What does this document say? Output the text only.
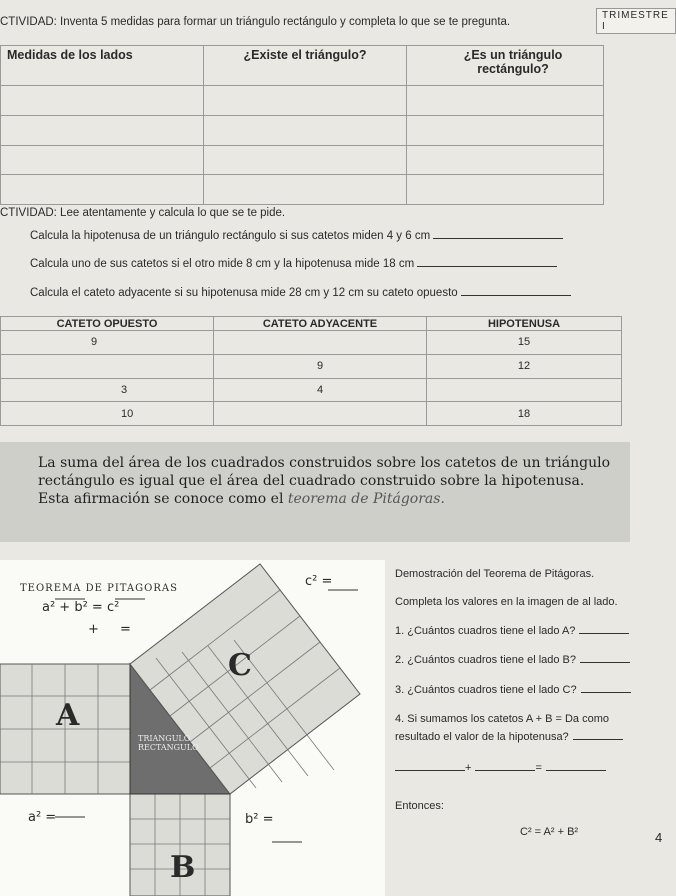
TRIMESTRE I
CTIVIDAD: Inventa 5 medidas para formar un triángulo rectángulo y completa lo que se te pregunta.
Medidas de los lados	¿Existe el triángulo?	¿Es un triángulo rectángulo?

CTIVIDAD: Lee atentamente y calcula lo que se te pide.
Calcula la hipotenusa de un triángulo rectángulo si sus catetos miden 4 y 6 cm
Calcula uno de sus catetos si el otro mide 8 cm y la hipotenusa mide 18 cm
Calcula el cateto adyacente si su hipotenusa mide 28 cm y 12 cm su cateto opuesto
CATETO OPUESTO	CATETO ADYACENTE	HIPOTENUSA
9		15
	9	12
3	4	
10		18
La suma del área de los cuadrados construidos sobre los catetos de un triángulo rectángulo es igual que el área del cuadrado construido sobre la hipotenusa. Esta afirmación se conoce como el teorema de Pitágoras.
TEOREMA DE PITAGORAS
a² + b² = c²
+ =
c² =
a² =	b² =
A
B
C
TRIANGULO
RECTANGULO
Demostración del Teorema de Pitágoras.
Completa los valores en la imagen de al lado.
1. ¿Cuántos cuadros tiene el lado A?
2. ¿Cuántos cuadros tiene el lado B?
3. ¿Cuántos cuadros tiene el lado C?
4. Si sumamos los catetos A + B = Da como
resultado el valor de la hipotenusa?
+	=
Entonces:
C² = A² + B²	4
